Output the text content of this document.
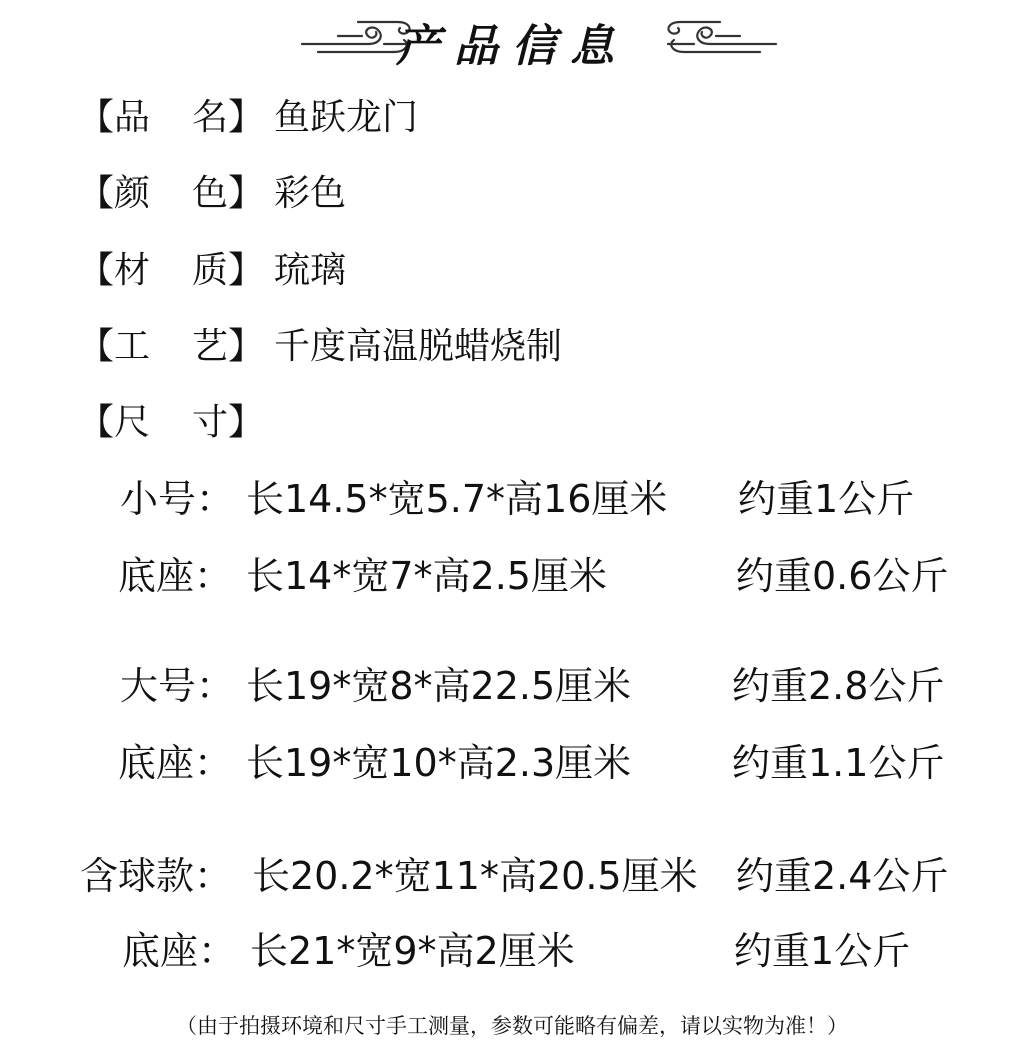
产品信息
【品 名】 鱼跃龙门
【颜 色】 彩色
【材 质】 琉璃
【工 艺】 千度高温脱蜡烧制
【尺 寸】
小号： 长14.5*宽5.7*高16厘米 约重1公斤
底座： 长14*宽7*高2.5厘米	约重0.6公斤
大号： 长19*宽8*高22.5厘米	约重2.8公斤
底座： 长19*宽10*高2.3厘米	约重1.1公斤
含球款： 长20.2*宽11*高20.5厘米 约重2.4公斤
底座： 长21*宽9*高2厘米	约重1公斤
（由于拍摄环境和尺寸手工测量，参数可能略有偏差，请以实物为准！）
